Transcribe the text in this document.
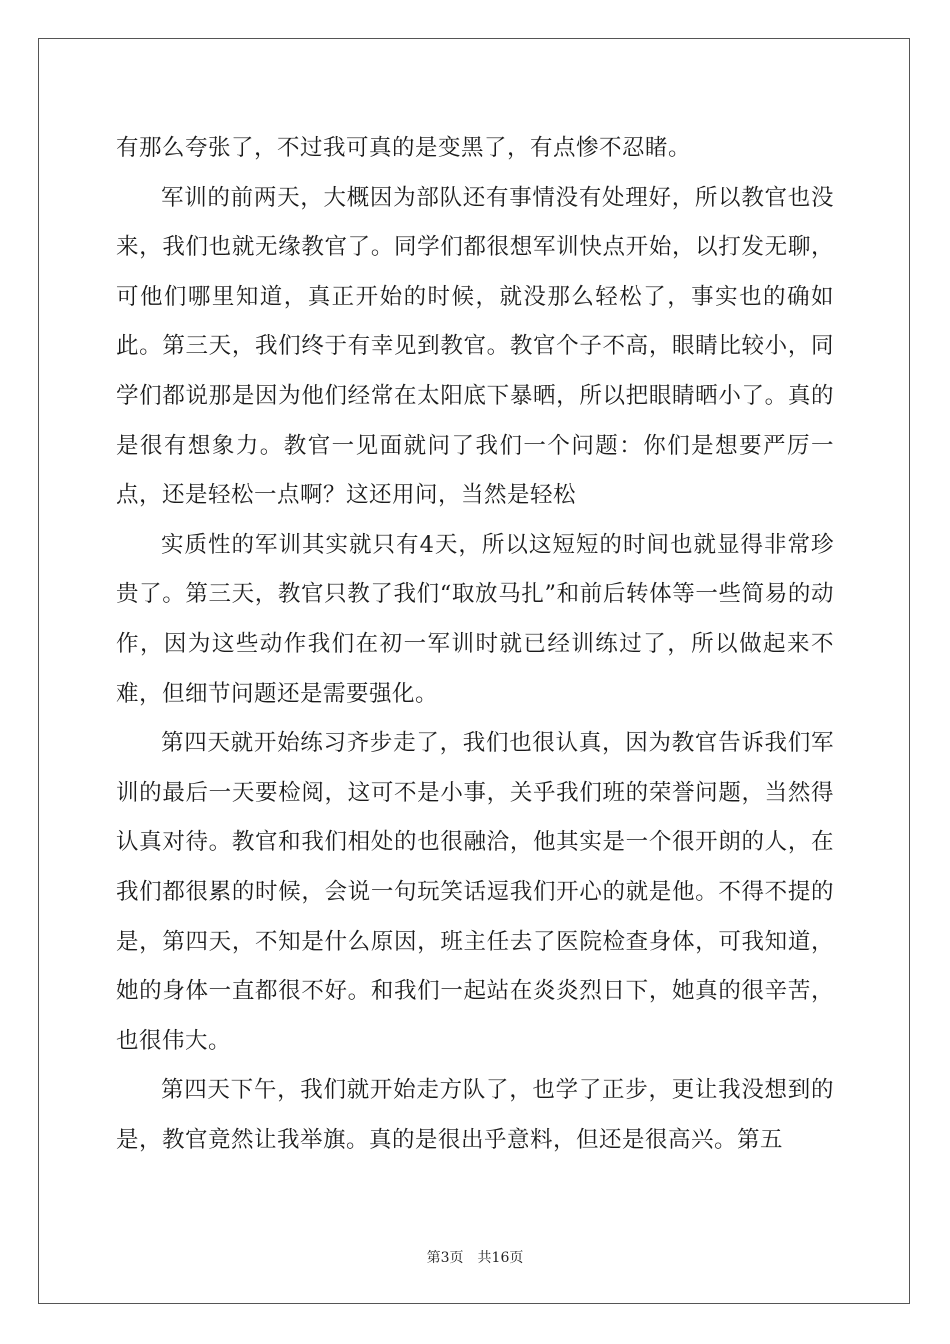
有那么夸张了，不过我可真的是变黑了，有点惨不忍睹。

军训的前两天，大概因为部队还有事情没有处理好，所以教官也没来，我们也就无缘教官了。同学们都很想军训快点开始，以打发无聊，可他们哪里知道，真正开始的时候，就没那么轻松了，事实也的确如此。第三天，我们终于有幸见到教官。教官个子不高，眼睛比较小，同学们都说那是因为他们经常在太阳底下暴晒，所以把眼睛晒小了。真的是很有想象力。教官一见面就问了我们一个问题：你们是想要严厉一点，还是轻松一点啊？这还用问，当然是轻松

实质性的军训其实就只有4天，所以这短短的时间也就显得非常珍贵了。第三天，教官只教了我们“取放马扎”和前后转体等一些简易的动作，因为这些动作我们在初一军训时就已经训练过了，所以做起来不难，但细节问题还是需要强化。

第四天就开始练习齐步走了，我们也很认真，因为教官告诉我们军训的最后一天要检阅，这可不是小事，关乎我们班的荣誉问题，当然得认真对待。教官和我们相处的也很融洽，他其实是一个很开朗的人，在我们都很累的时候，会说一句玩笑话逗我们开心的就是他。不得不提的是，第四天，不知是什么原因，班主任去了医院检查身体，可我知道，她的身体一直都很不好。和我们一起站在炎炎烈日下，她真的很辛苦，也很伟大。

第四天下午，我们就开始走方队了，也学了正步，更让我没想到的是，教官竟然让我举旗。真的是很出乎意料，但还是很高兴。第五

第3页 共16页
